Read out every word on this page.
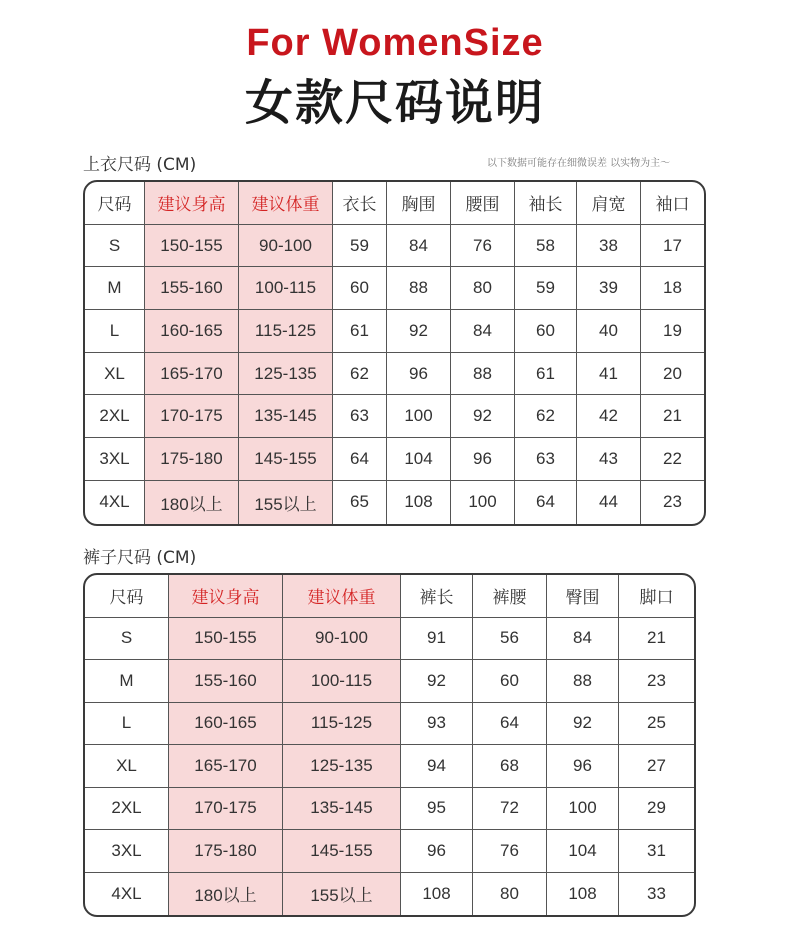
For WomenSize
女款尺码说明
上衣尺码 (CM)	以下数据可能存在细微误差 以实物为主～
尺码	建议身高	建议体重	衣长	胸围	腰围	袖长	肩宽	袖口
S	150-155	90-100	59	84	76	58	38	17
M	155-160	100-115	60	88	80	59	39	18
L	160-165	115-125	61	92	84	60	40	19
XL	165-170	125-135	62	96	88	61	41	20
2XL	170-175	135-145	63	100	92	62	42	21
3XL	175-180	145-155	64	104	96	63	43	22
4XL	180以上	155以上	65	108	100	64	44	23
裤子尺码 (CM)
尺码	建议身高	建议体重	裤长	裤腰	臀围	脚口
S	150-155	90-100	91	56	84	21
M	155-160	100-115	92	60	88	23
L	160-165	115-125	93	64	92	25
XL	165-170	125-135	94	68	96	27
2XL	170-175	135-145	95	72	100	29
3XL	175-180	145-155	96	76	104	31
4XL	180以上	155以上	108	80	108	33
